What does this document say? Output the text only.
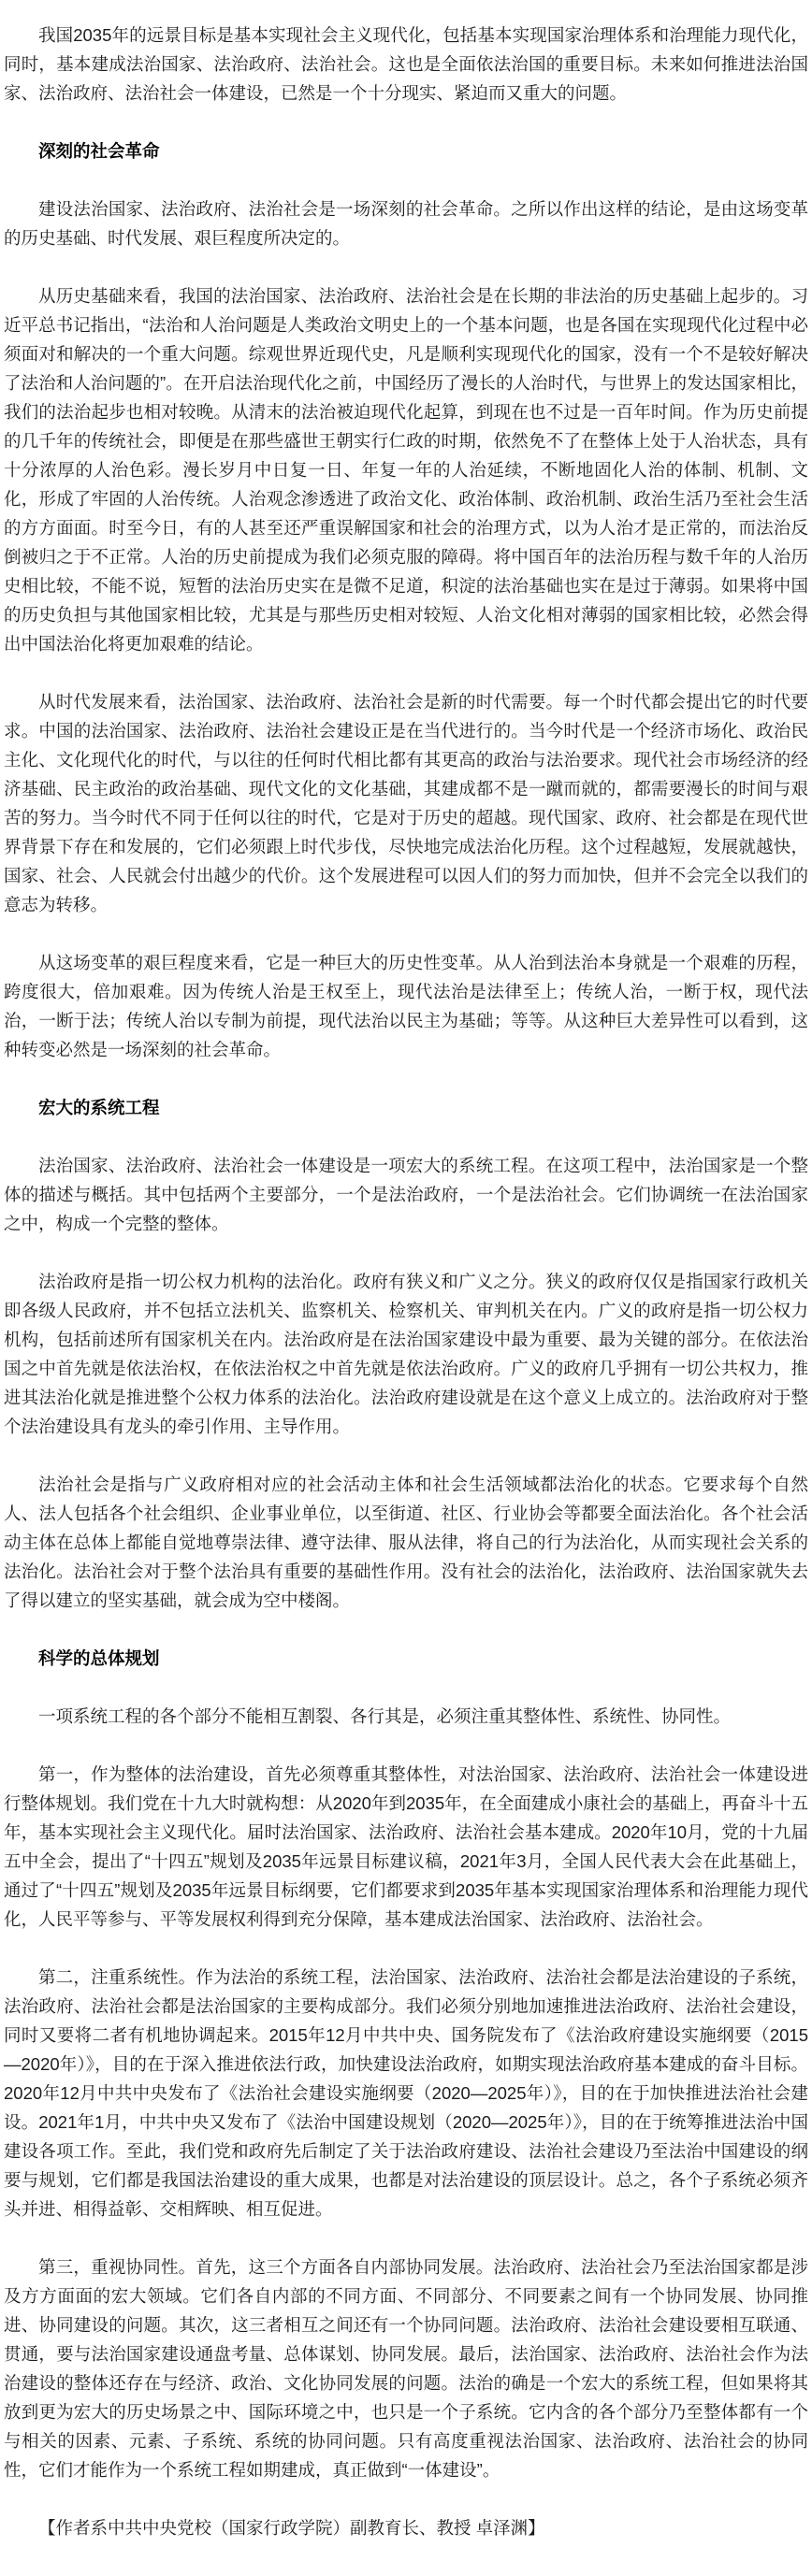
我国2035年的远景目标是基本实现社会主义现代化，包括基本实现国家治理体系和治理能力现代化，同时，基本建成法治国家、法治政府、法治社会。这也是全面依法治国的重要目标。未来如何推进法治国家、法治政府、法治社会一体建设，已然是一个十分现实、紧迫而又重大的问题。

深刻的社会革命

建设法治国家、法治政府、法治社会是一场深刻的社会革命。之所以作出这样的结论，是由这场变革的历史基础、时代发展、艰巨程度所决定的。

从历史基础来看，我国的法治国家、法治政府、法治社会是在长期的非法治的历史基础上起步的。习近平总书记指出，“法治和人治问题是人类政治文明史上的一个基本问题，也是各国在实现现代化过程中必须面对和解决的一个重大问题。综观世界近现代史，凡是顺利实现现代化的国家，没有一个不是较好解决了法治和人治问题的”。在开启法治现代化之前，中国经历了漫长的人治时代，与世界上的发达国家相比，我们的法治起步也相对较晚。从清末的法治被迫现代化起算，到现在也不过是一百年时间。作为历史前提的几千年的传统社会，即便是在那些盛世王朝实行仁政的时期，依然免不了在整体上处于人治状态，具有十分浓厚的人治色彩。漫长岁月中日复一日、年复一年的人治延续，不断地固化人治的体制、机制、文化，形成了牢固的人治传统。人治观念渗透进了政治文化、政治体制、政治机制、政治生活乃至社会生活的方方面面。时至今日，有的人甚至还严重误解国家和社会的治理方式，以为人治才是正常的，而法治反倒被归之于不正常。人治的历史前提成为我们必须克服的障碍。将中国百年的法治历程与数千年的人治历史相比较，不能不说，短暂的法治历史实在是微不足道，积淀的法治基础也实在是过于薄弱。如果将中国的历史负担与其他国家相比较，尤其是与那些历史相对较短、人治文化相对薄弱的国家相比较，必然会得出中国法治化将更加艰难的结论。

从时代发展来看，法治国家、法治政府、法治社会是新的时代需要。每一个时代都会提出它的时代要求。中国的法治国家、法治政府、法治社会建设正是在当代进行的。当今时代是一个经济市场化、政治民主化、文化现代化的时代，与以往的任何时代相比都有其更高的政治与法治要求。现代社会市场经济的经济基础、民主政治的政治基础、现代文化的文化基础，其建成都不是一蹴而就的，都需要漫长的时间与艰苦的努力。当今时代不同于任何以往的时代，它是对于历史的超越。现代国家、政府、社会都是在现代世界背景下存在和发展的，它们必须跟上时代步伐，尽快地完成法治化历程。这个过程越短，发展就越快，国家、社会、人民就会付出越少的代价。这个发展进程可以因人们的努力而加快，但并不会完全以我们的意志为转移。

从这场变革的艰巨程度来看，它是一种巨大的历史性变革。从人治到法治本身就是一个艰难的历程，跨度很大，倍加艰难。因为传统人治是王权至上，现代法治是法律至上；传统人治，一断于权，现代法治，一断于法；传统人治以专制为前提，现代法治以民主为基础；等等。从这种巨大差异性可以看到，这种转变必然是一场深刻的社会革命。

宏大的系统工程

法治国家、法治政府、法治社会一体建设是一项宏大的系统工程。在这项工程中，法治国家是一个整体的描述与概括。其中包括两个主要部分，一个是法治政府，一个是法治社会。它们协调统一在法治国家之中，构成一个完整的整体。

法治政府是指一切公权力机构的法治化。政府有狭义和广义之分。狭义的政府仅仅是指国家行政机关即各级人民政府，并不包括立法机关、监察机关、检察机关、审判机关在内。广义的政府是指一切公权力机构，包括前述所有国家机关在内。法治政府是在法治国家建设中最为重要、最为关键的部分。在依法治国之中首先就是依法治权，在依法治权之中首先就是依法治政府。广义的政府几乎拥有一切公共权力，推进其法治化就是推进整个公权力体系的法治化。法治政府建设就是在这个意义上成立的。法治政府对于整个法治建设具有龙头的牵引作用、主导作用。

法治社会是指与广义政府相对应的社会活动主体和社会生活领域都法治化的状态。它要求每个自然人、法人包括各个社会组织、企业事业单位，以至街道、社区、行业协会等都要全面法治化。各个社会活动主体在总体上都能自觉地尊崇法律、遵守法律、服从法律，将自己的行为法治化，从而实现社会关系的法治化。法治社会对于整个法治具有重要的基础性作用。没有社会的法治化，法治政府、法治国家就失去了得以建立的坚实基础，就会成为空中楼阁。

科学的总体规划

一项系统工程的各个部分不能相互割裂、各行其是，必须注重其整体性、系统性、协同性。

第一，作为整体的法治建设，首先必须尊重其整体性，对法治国家、法治政府、法治社会一体建设进行整体规划。我们党在十九大时就构想：从2020年到2035年，在全面建成小康社会的基础上，再奋斗十五年，基本实现社会主义现代化。届时法治国家、法治政府、法治社会基本建成。2020年10月，党的十九届五中全会，提出了“十四五”规划及2035年远景目标建议稿，2021年3月，全国人民代表大会在此基础上，通过了“十四五”规划及2035年远景目标纲要，它们都要求到2035年基本实现国家治理体系和治理能力现代化，人民平等参与、平等发展权利得到充分保障，基本建成法治国家、法治政府、法治社会。

第二，注重系统性。作为法治的系统工程，法治国家、法治政府、法治社会都是法治建设的子系统，法治政府、法治社会都是法治国家的主要构成部分。我们必须分别地加速推进法治政府、法治社会建设，同时又要将二者有机地协调起来。2015年12月中共中央、国务院发布了《法治政府建设实施纲要（2015—2020年）》，目的在于深入推进依法行政，加快建设法治政府，如期实现法治政府基本建成的奋斗目标。2020年12月中共中央发布了《法治社会建设实施纲要（2020—2025年）》，目的在于加快推进法治社会建设。2021年1月，中共中央又发布了《法治中国建设规划（2020—2025年）》，目的在于统筹推进法治中国建设各项工作。至此，我们党和政府先后制定了关于法治政府建设、法治社会建设乃至法治中国建设的纲要与规划，它们都是我国法治建设的重大成果，也都是对法治建设的顶层设计。总之，各个子系统必须齐头并进、相得益彰、交相辉映、相互促进。

第三，重视协同性。首先，这三个方面各自内部协同发展。法治政府、法治社会乃至法治国家都是涉及方方面面的宏大领域。它们各自内部的不同方面、不同部分、不同要素之间有一个协同发展、协同推进、协同建设的问题。其次，这三者相互之间还有一个协同问题。法治政府、法治社会建设要相互联通、贯通，要与法治国家建设通盘考量、总体谋划、协同发展。最后，法治国家、法治政府、法治社会作为法治建设的整体还存在与经济、政治、文化协同发展的问题。法治的确是一个宏大的系统工程，但如果将其放到更为宏大的历史场景之中、国际环境之中，也只是一个子系统。它内含的各个部分乃至整体都有一个与相关的因素、元素、子系统、系统的协同问题。只有高度重视法治国家、法治政府、法治社会的协同性，它们才能作为一个系统工程如期建成，真正做到“一体建设”。

【作者系中共中央党校（国家行政学院）副教育长、教授 卓泽渊】
